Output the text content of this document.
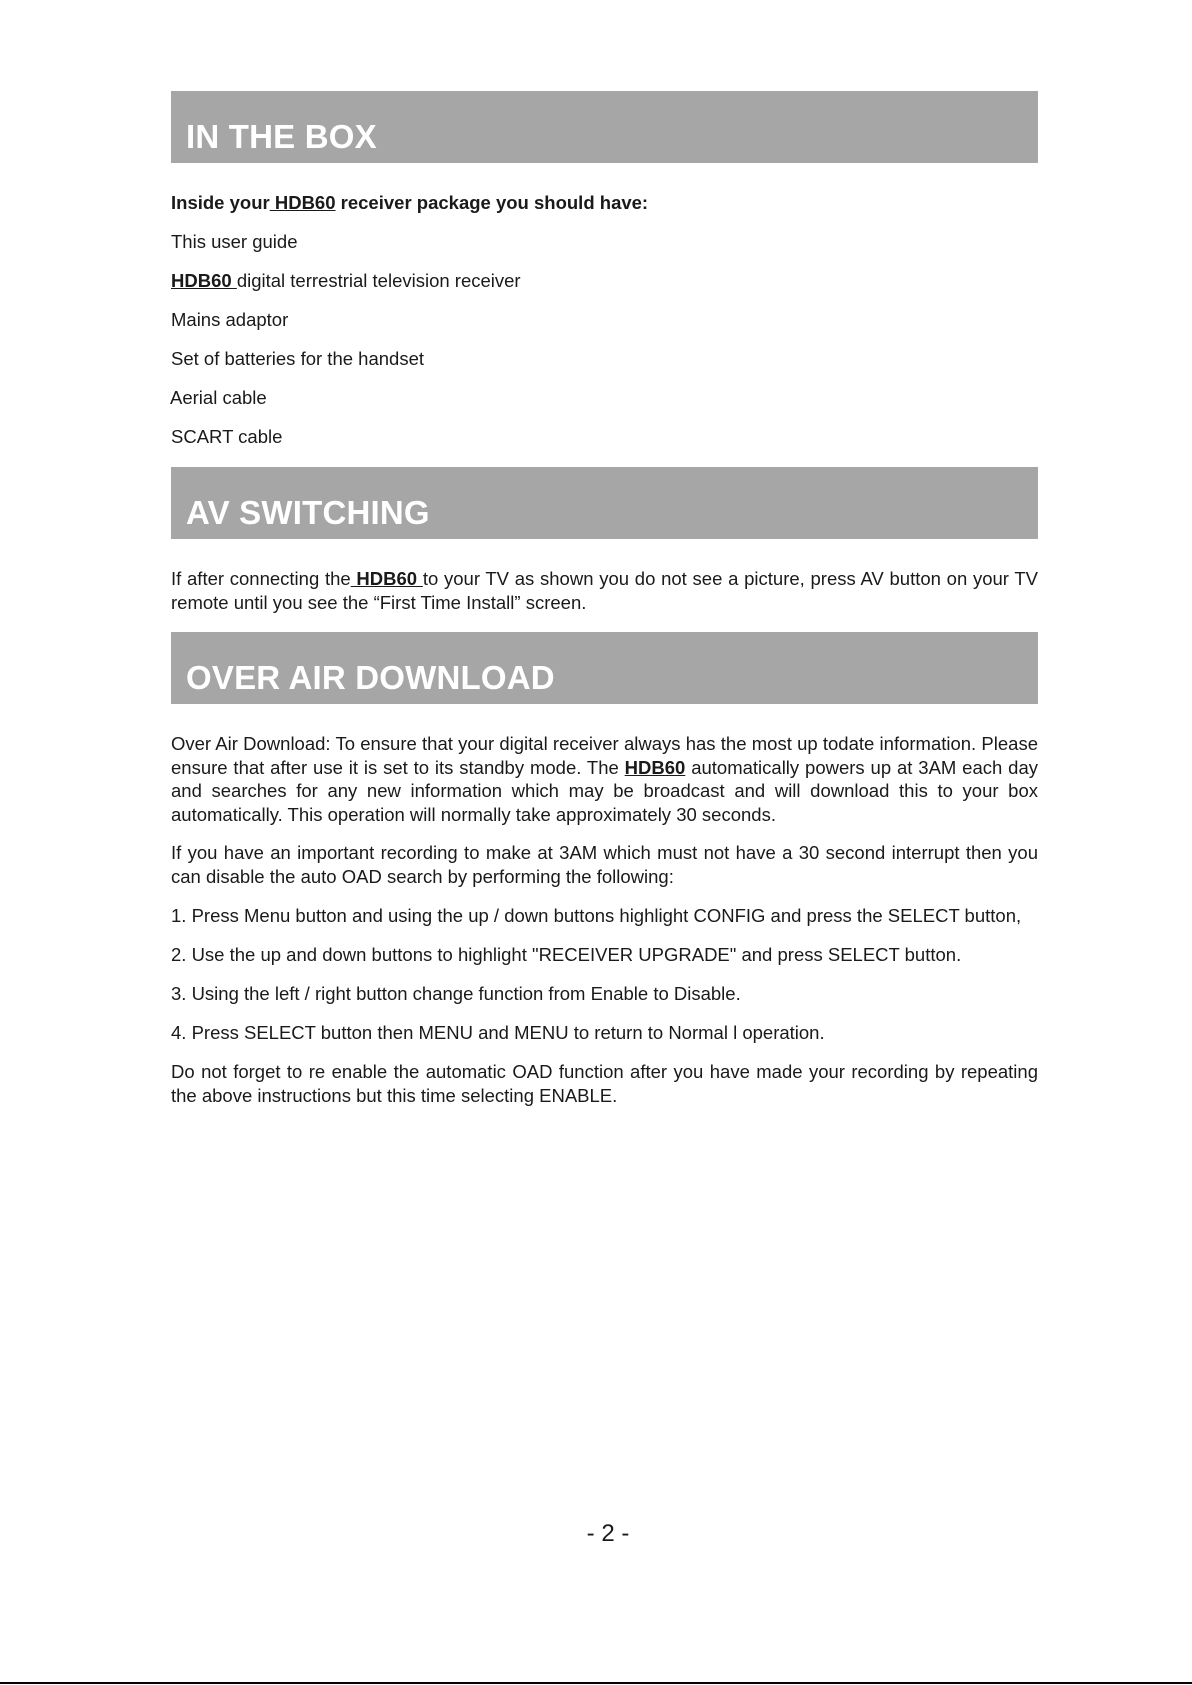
IN THE BOX

Inside your HDB60 receiver package you should have:

This user guide

HDB60 digital terrestrial television receiver

Mains adaptor

Set of batteries for the handset

Aerial cable

SCART cable

AV SWITCHING

If after connecting the HDB60 to your TV as shown you do not see a picture, press AV button on your TV remote until you see the “First Time Install” screen.

OVER AIR DOWNLOAD

Over Air Download: To ensure that your digital receiver always has the most up todate information. Please ensure that after use it is set to its standby mode. The HDB60 automatically powers up at 3AM each day and searches for any new information which may be broadcast and will download this to your box automatically. This operation will normally take approximately 30 seconds.

If you have an important recording to make at 3AM which must not have a 30 second interrupt then you can disable the auto OAD search by performing the following:

1. Press Menu button and using the up / down buttons highlight CONFIG and press the SELECT button,

2. Use the up and down buttons to highlight "RECEIVER UPGRADE" and press SELECT button.

3. Using the left / right button change function from Enable to Disable.

4. Press SELECT button then MENU and MENU to return to Normal l operation.

Do not forget to re enable the automatic OAD function after you have made your recording by repeating the above instructions but this time selecting ENABLE.

- 2 -
